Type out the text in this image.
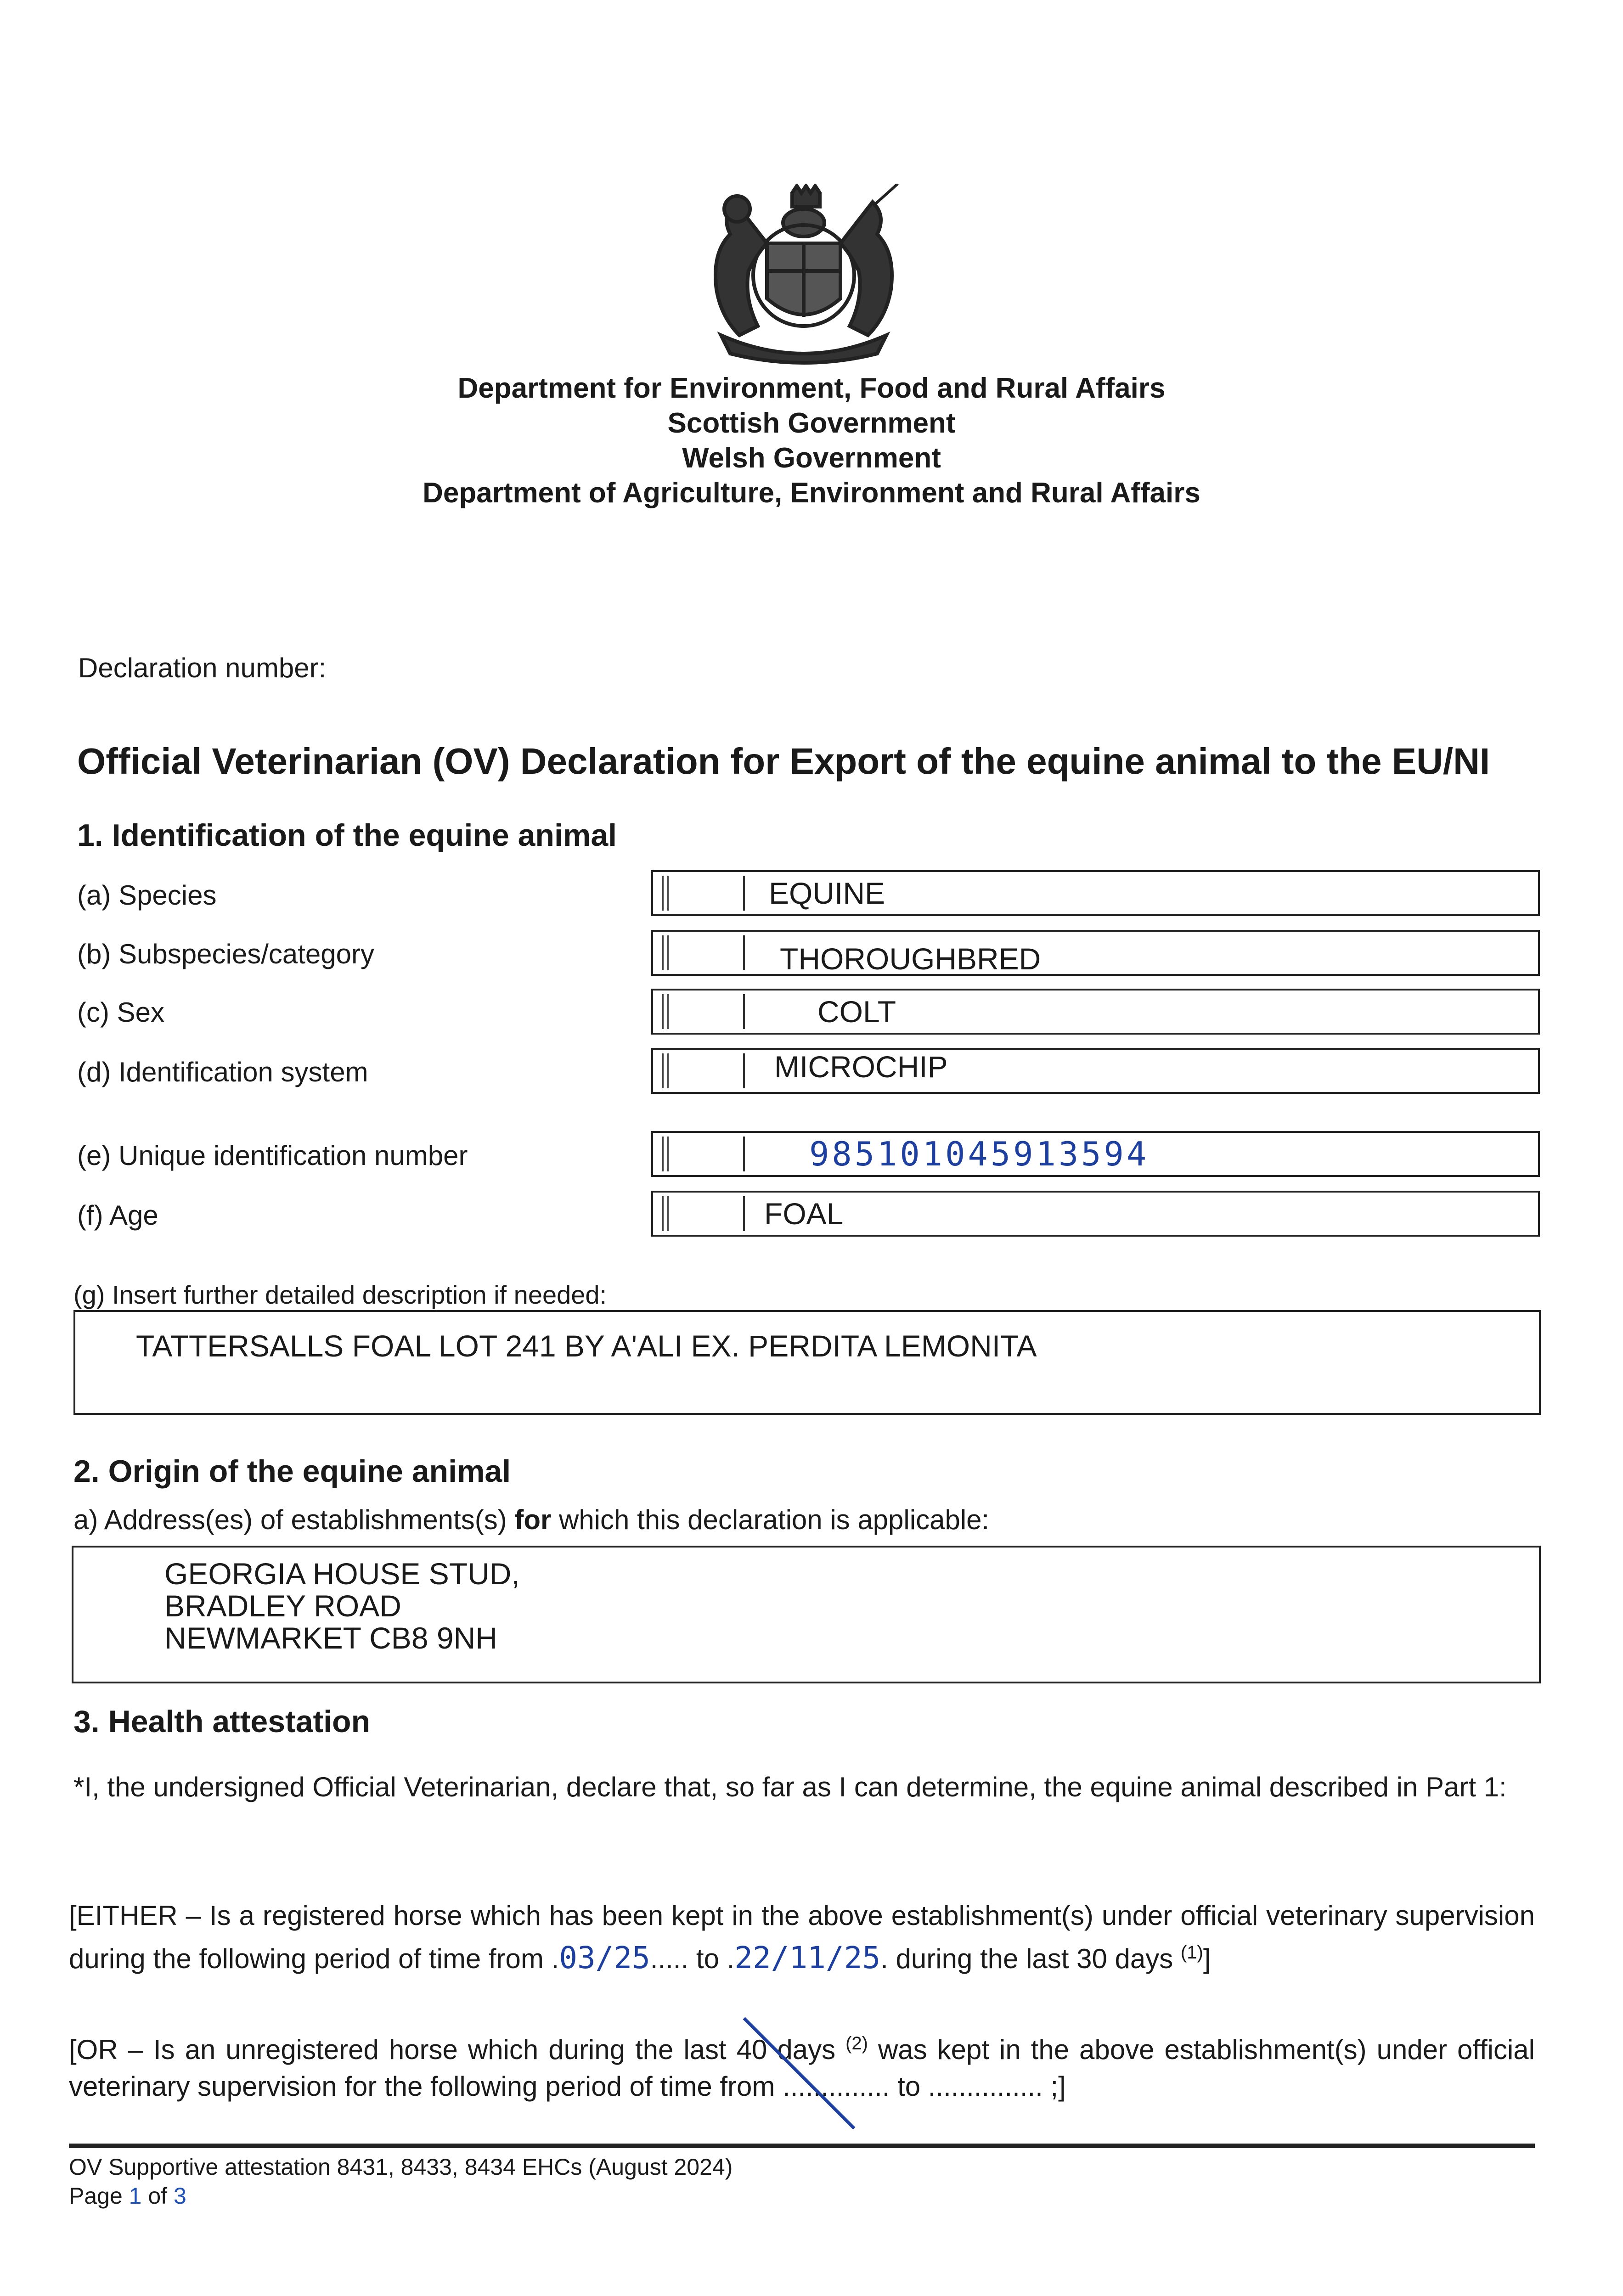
Department for Environment, Food and Rural Affairs
Scottish Government
Welsh Government
Department of Agriculture, Environment and Rural Affairs
Declaration number:
Official Veterinarian (OV) Declaration for Export of the equine animal to the EU/NI
1. Identification of the equine animal
(a) Species	EQUINE
(b) Subspecies/category	THOROUGHBRED
(c) Sex	COLT
(d) Identification system	MICROCHIP
(e) Unique identification number	985101045913594
(f) Age	FOAL
(g) Insert further detailed description if needed:
TATTERSALLS FOAL LOT 241 BY A'ALI EX. PERDITA LEMONITA
2. Origin of the equine animal
a) Address(es) of establishments(s) for which this declaration is applicable:
GEORGIA HOUSE STUD,
BRADLEY ROAD
NEWMARKET CB8 9NH
3. Health attestation
*I, the undersigned Official Veterinarian, declare that, so far as I can determine, the equine animal described in Part 1:
[EITHER – Is a registered horse which has been kept in the above establishment(s) under official veterinary supervision during the following period of time from .03/25..... to .22/11/25. during the last 30 days $^{(1)}$]
[OR – Is an unregistered horse which during the last 40 days $^{(2)}$ was kept in the above establishment(s) under official veterinary supervision for the following period of time from .............. to ............... ;]
OV Supportive attestation 8431, 8433, 8434 EHCs (August 2024)
Page 1 of 3
